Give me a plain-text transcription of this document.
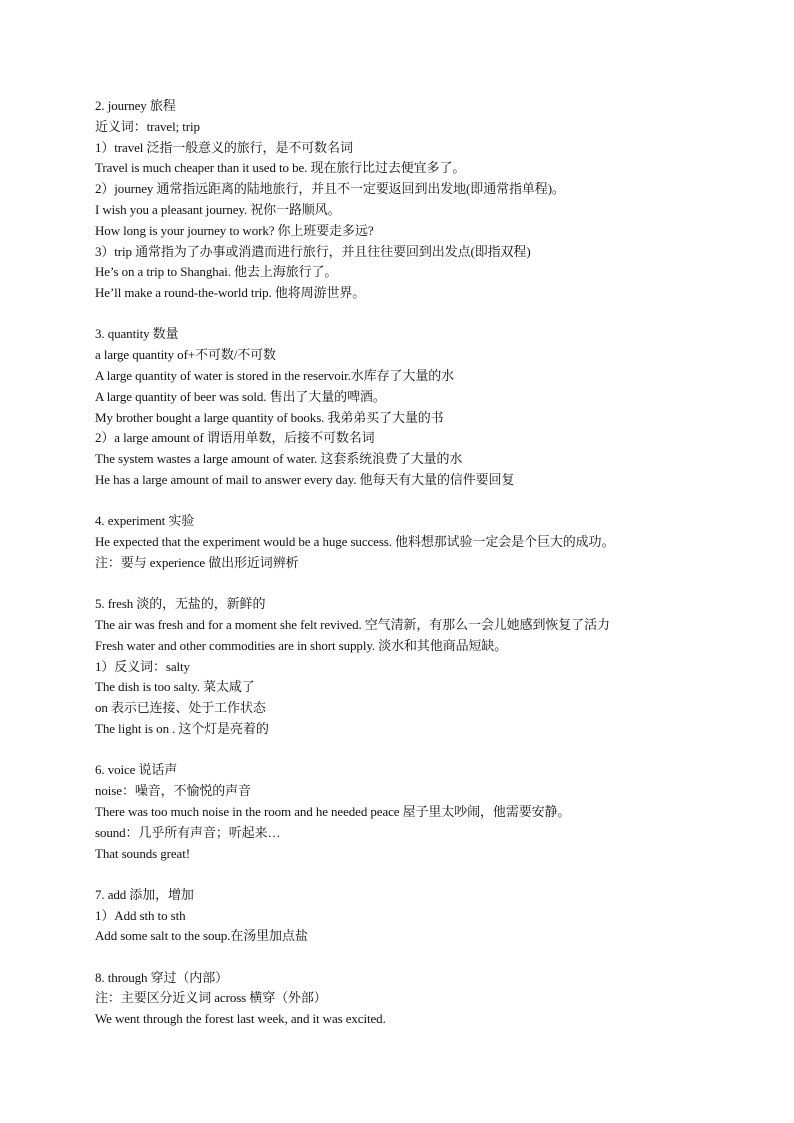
2. journey 旅程
近义词：travel; trip
1）travel 泛指一般意义的旅行，是不可数名词
Travel is much cheaper than it used to be. 现在旅行比过去便宜多了。
2）journey 通常指远距离的陆地旅行，并且不一定要返回到出发地(即通常指单程)。
I wish you a pleasant journey. 祝你一路顺风。
How long is your journey to work? 你上班要走多远?
3）trip 通常指为了办事或消遣而进行旅行，并且往往要回到出发点(即指双程)
He’s on a trip to Shanghai. 他去上海旅行了。
He’ll make a round-the-world trip. 他将周游世界。
3. quantity 数量
a large quantity of+不可数/不可数
A large quantity of water is stored in the reservoir.水库存了大量的水
A large quantity of beer was sold. 售出了大量的啤酒。
My brother bought a large quantity of books. 我弟弟买了大量的书
2）a large amount of 谓语用单数，后接不可数名词
The system wastes a large amount of water. 这套系统浪费了大量的水
He has a large amount of mail to answer every day. 他每天有大量的信件要回复
4. experiment 实验
He expected that the experiment would be a huge success. 他料想那试验一定会是个巨大的成功。
注：要与 experience 做出形近词辨析
5. fresh 淡的，无盐的，新鲜的
The air was fresh and for a moment she felt revived. 空气清新，有那么一会儿她感到恢复了活力
Fresh water and other commodities are in short supply. 淡水和其他商品短缺。
1）反义词：salty
The dish is too salty. 菜太咸了
on 表示已连接、处于工作状态
The light is on . 这个灯是亮着的
6. voice 说话声
noise：噪音，不愉悦的声音
There was too much noise in the room and he needed peace 屋子里太吵闹，他需要安静。
sound：几乎所有声音；听起来…
That sounds great!
7. add 添加，增加
1）Add sth to sth
Add some salt to the soup.在汤里加点盐
8. through 穿过（内部）
注：主要区分近义词 across 横穿（外部）
We went through the forest last week, and it was excited.
